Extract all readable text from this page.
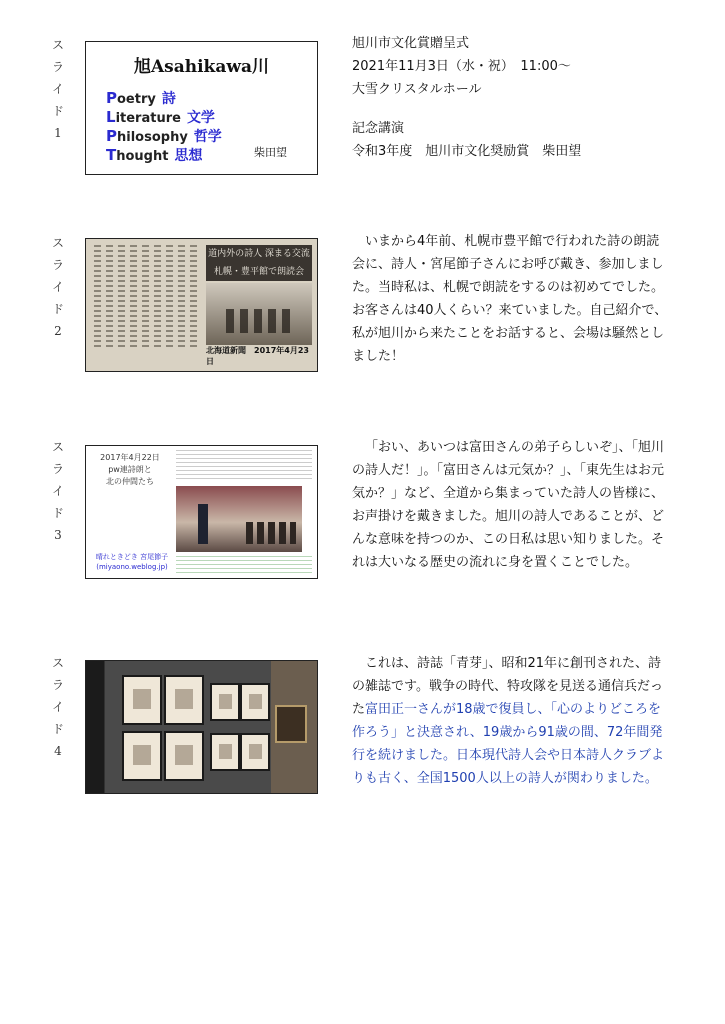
ス
ラ
イ
ド
1
旭Asahikawa川
Poetry 詩
Literature 文学
Philosophy 哲学
Thought 思想	柴田望

旭川市文化賞贈呈式

2021年11月3日（水・祝）　11:00〜

大雪クリスタルホール

記念講演

令和3年度　旭川市文化奨励賞　柴田望

ス
ラ
イ
ド
2
道内外の詩人 深まる交流
札幌・豊平館で朗読会
北海道新聞　2017年4月23日

いまから4年前、札幌市豊平館で行われた詩の朗読会に、詩人・宮尾節子さんにお呼び戴き、参加しました。当時私は、札幌で朗読をするのは初めてでした。お客さんは40人くらい？来ていました。自己紹介で、私が旭川から来たことをお話すると、会場は騒然としました！

ス
ラ
イ
ド
3
2017年4月22日
pw連詩朗と
北の仲間たち
晴れときどき 宮尾節子
(miyaono.weblog.jp)

「おい、あいつは富田さんの弟子らしいぞ」、「旭川の詩人だ！」。「富田さんは元気か？」、「東先生はお元気か？」など、全道から集まっていた詩人の皆様に、お声掛けを戴きました。旭川の詩人であることが、どんな意味を持つのか、この日私は思い知りました。それは大いなる歴史の流れに身を置くことでした。

ス
ラ
イ
ド
4

これは、詩誌「青芽」、昭和21年に創刊された、詩の雑誌です。戦争の時代、特攻隊を見送る通信兵だった富田正一さんが18歳で復員し、「心のよりどころを作ろう」と決意され、19歳から91歳の間、72年間発行を続けました。日本現代詩人会や日本詩人クラブよりも古く、全国1500人以上の詩人が関わりました。
